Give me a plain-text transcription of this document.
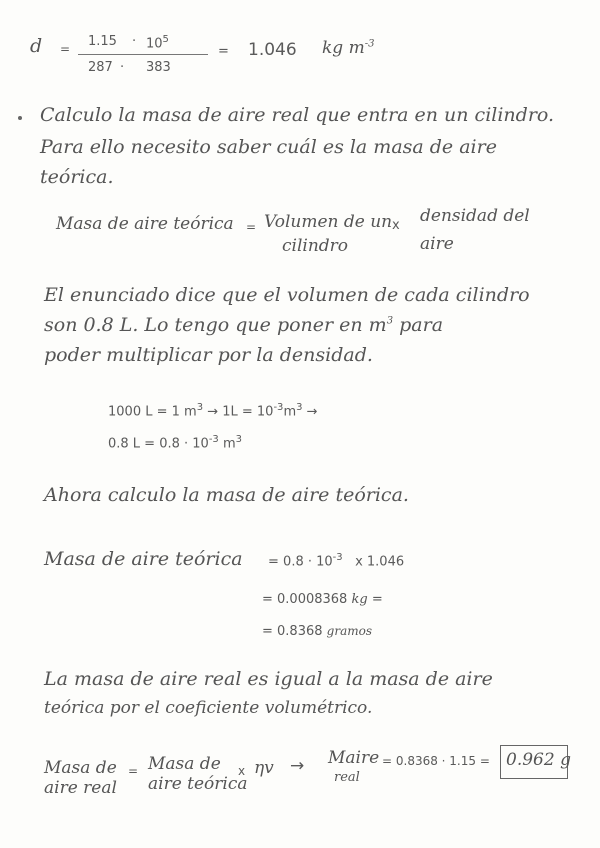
$d = 1.15 \cdot 10^5$
287 · 383
= 1.046 kg $m^{-3}$
Calculo la masa de aire real que entra en un cilindro.
Para ello necesito saber cuál es la masa de aire
teórica.
Masa de aire teórica = Volumen de un
cilindro
x densidad del
aire
El enunciado dice que el volumen de cada cilindro
son 0.8 L. Lo tengo que poner en $m^3$ para
poder multiplicar por la densidad.
1000 L = 1 $m^3 \to 1L = 10^{-3}m^3$ →
0.8 $L = 0.8 \cdot 10^{-3}$ $m^3$
Ahora calculo la masa de aire teórica.
Masa de aire teórica = $0.8 \cdot 10^{-3}$ x 1.046
= 0.0008368 kg =
= 0.8368 gramos
La masa de aire real es igual a la masa de aire
teórica por el coeficiente volumétrico.
Masa de
aire real
= Masa de
aire teórica
x ηv → Maire
real
= 0.8368 · 1.15 = 0.962 g
